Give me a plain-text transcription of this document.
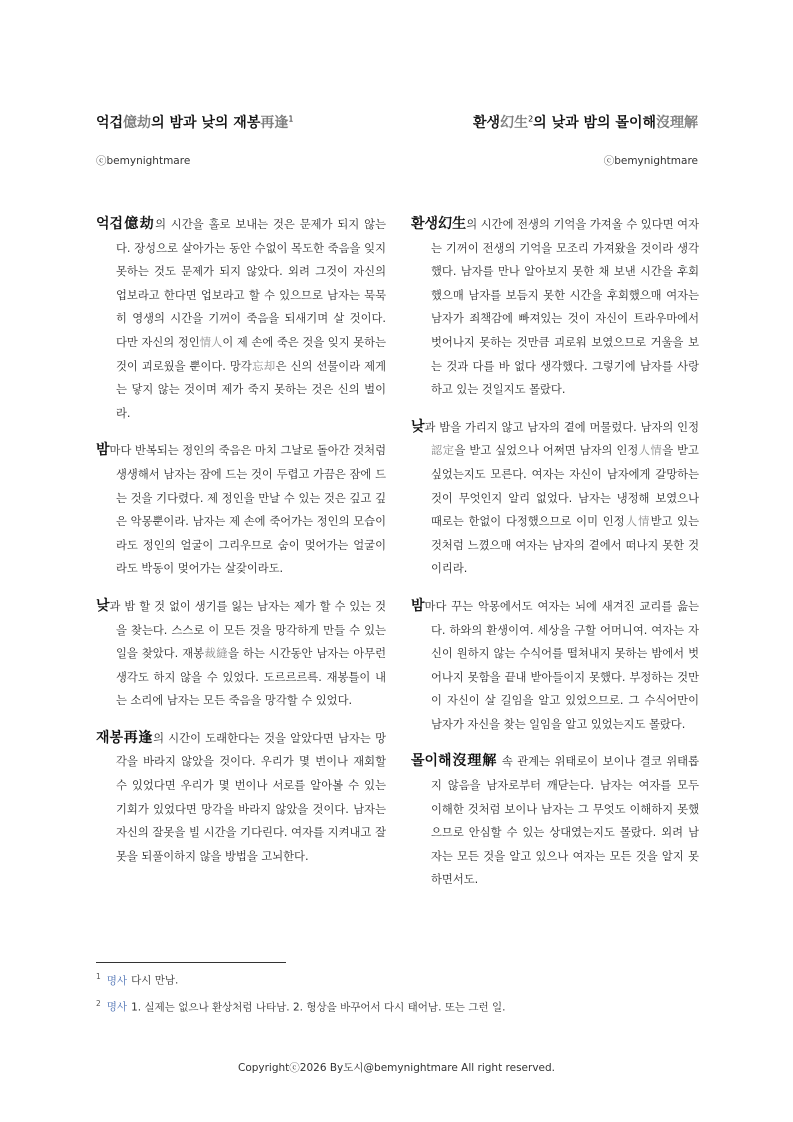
억겁億劫의 밤과 낮의 재봉再逢$^1$	환생幻生$^2$의 낮과 밤의 몰이해沒理解
ⓒbemynightmare	ⓒbemynightmare

억겁億劫의 시간을 홀로 보내는 것은 문제가 되지 않는다. 장성으로 살아가는 동안 수없이 목도한 죽음을 잊지 못하는 것도 문제가 되지 않았다. 외려 그것이 자신의 업보라고 한다면 업보라고 할 수 있으므로 남자는 묵묵히 영생의 시간을 기꺼이 죽음을 되새기며 살 것이다. 다만 자신의 정인情人이 제 손에 죽은 것을 잊지 못하는 것이 괴로웠을 뿐이다. 망각忘却은 신의 선물이라 제게는 닿지 않는 것이며 제가 죽지 못하는 것은 신의 벌이라.

밤마다 반복되는 정인의 죽음은 마치 그날로 돌아간 것처럼 생생해서 남자는 잠에 드는 것이 두렵고 가끔은 잠에 드는 것을 기다렸다. 제 정인을 만날 수 있는 것은 깊고 깊은 악몽뿐이라. 남자는 제 손에 죽어가는 정인의 모습이라도 정인의 얼굴이 그리우므로 숨이 멎어가는 얼굴이라도 박동이 멎어가는 살갗이라도.

낮과 밤 할 것 없이 생기를 잃는 남자는 제가 할 수 있는 것을 찾는다. 스스로 이 모든 것을 망각하게 만들 수 있는 일을 찾았다. 재봉裁縫을 하는 시간동안 남자는 아무런 생각도 하지 않을 수 있었다. 도르르르륵. 재봉틀이 내는 소리에 남자는 모든 죽음을 망각할 수 있었다.

재봉再逢의 시간이 도래한다는 것을 알았다면 남자는 망각을 바라지 않았을 것이다. 우리가 몇 번이나 재회할 수 있었다면 우리가 몇 번이나 서로를 알아볼 수 있는 기회가 있었다면 망각을 바라지 않았을 것이다. 남자는 자신의 잘못을 빌 시간을 기다린다. 여자를 지켜내고 잘못을 되풀이하지 않을 방법을 고뇌한다.

환생幻生의 시간에 전생의 기억을 가져올 수 있다면 여자는 기꺼이 전생의 기억을 모조리 가져왔을 것이라 생각했다. 남자를 만나 알아보지 못한 채 보낸 시간을 후회했으매 남자를 보듬지 못한 시간을 후회했으매 여자는 남자가 죄책감에 빠져있는 것이 자신이 트라우마에서 벗어나지 못하는 것만큼 괴로워 보였으므로 거울을 보는 것과 다를 바 없다 생각했다. 그렇기에 남자를 사랑하고 있는 것일지도 몰랐다.

낮과 밤을 가리지 않고 남자의 곁에 머물렀다. 남자의 인정認定을 받고 싶었으나 어쩌면 남자의 인정人情을 받고 싶었는지도 모른다. 여자는 자신이 남자에게 갈망하는 것이 무엇인지 알리 없었다. 남자는 냉정해 보였으나 때로는 한없이 다정했으므로 이미 인정人情받고 있는 것처럼 느꼈으매 여자는 남자의 곁에서 떠나지 못한 것이리라.

밤마다 꾸는 악몽에서도 여자는 뇌에 새겨진 교리를 읊는다. 하와의 환생이여. 세상을 구할 어머니여. 여자는 자신이 원하지 않는 수식어를 떨쳐내지 못하는 밤에서 벗어나지 못함을 끝내 받아들이지 못했다. 부정하는 것만이 자신이 살 길임을 알고 있었으므로. 그 수식어만이 남자가 자신을 찾는 일임을 알고 있었는지도 몰랐다.

몰이해沒理解 속 관계는 위태로이 보이나 결코 위태롭지 않음을 남자로부터 깨닫는다. 남자는 여자를 모두 이해한 것처럼 보이나 남자는 그 무엇도 이해하지 못했으므로 안심할 수 있는 상대였는지도 몰랐다. 외려 남자는 모든 것을 알고 있으나 여자는 모든 것을 알지 못하면서도.

$^1$ 명사 다시 만남.
$^2$ 명사 1. 실제는 없으나 환상처럼 나타남. 2. 형상을 바꾸어서 다시 태어남. 또는 그런 일.
Copyrightⓒ2026 By도시@bemynightmare All right reserved.
